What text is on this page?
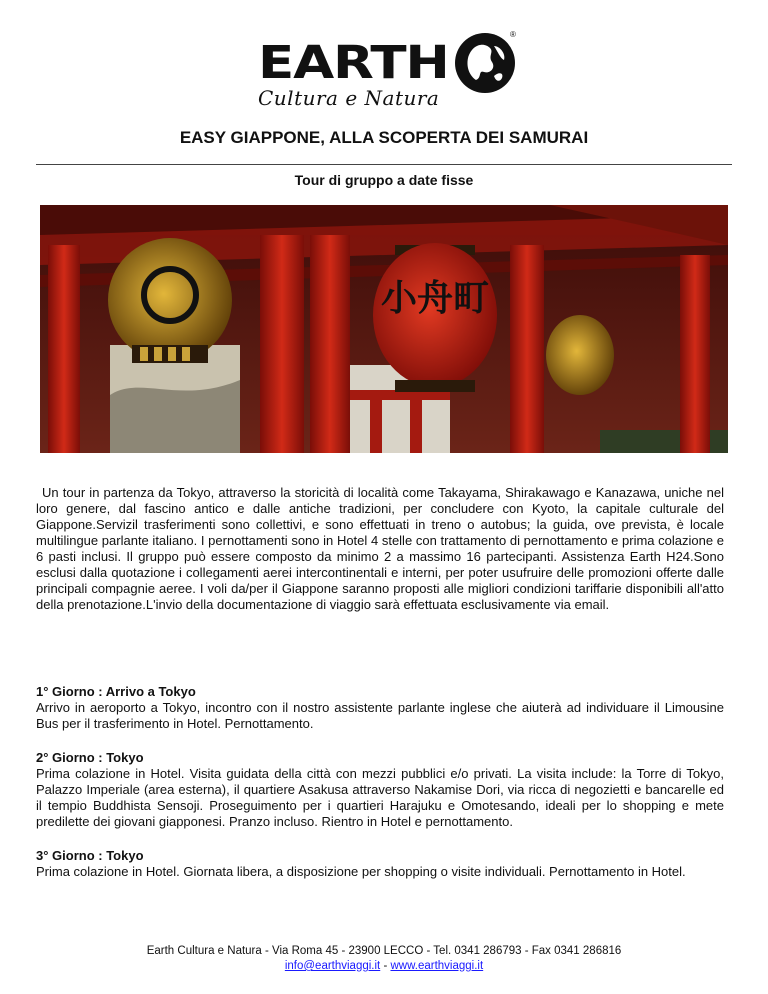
EARTH
®
Cultura e Natura
EASY GIAPPONE, ALLA SCOPERTA DEI SAMURAI
Tour di gruppo a date fisse
小舟町

Un tour in partenza da Tokyo, attraverso la storicità di località come Takayama, Shirakawago e Kanazawa, uniche nel loro genere, dal fascino antico e dalle antiche tradizioni, per concludere con Kyoto, la capitale culturale del Giappone.Servizil trasferimenti sono collettivi, e sono effettuati in treno o autobus; la guida, ove prevista, è locale multilingue parlante italiano. I pernottamenti sono in Hotel 4 stelle con trattamento di pernottamento e prima colazione e 6 pasti inclusi. Il gruppo può essere composto da minimo 2 a massimo 16 partecipanti. Assistenza Earth H24.Sono esclusi dalla quotazione i collegamenti aerei intercontinentali e interni, per poter usufruire delle promozioni offerte dalle principali compagnie aeree. I voli da/per il Giappone saranno proposti alle migliori condizioni tariffarie disponibili all'atto della prenotazione.L'invio della documentazione di viaggio sarà effettuata esclusivamente via email.

1° Giorno : Arrivo a Tokyo

Arrivo in aeroporto a Tokyo, incontro con il nostro assistente parlante inglese che aiuterà ad individuare il Limousine Bus per il trasferimento in Hotel. Pernottamento.

2° Giorno : Tokyo

Prima colazione in Hotel. Visita guidata della città con mezzi pubblici e/o privati. La visita include: la Torre di Tokyo, Palazzo Imperiale (area esterna), il quartiere Asakusa attraverso Nakamise Dori, via ricca di negozietti e bancarelle ed il tempio Buddhista Sensoji. Proseguimento per i quartieri Harajuku e Omotesando, ideali per lo shopping e mete predilette dei giovani giapponesi. Pranzo incluso. Rientro in Hotel e pernottamento.

3° Giorno : Tokyo

Prima colazione in Hotel. Giornata libera, a disposizione per shopping o visite individuali. Pernottamento in Hotel.

Earth Cultura e Natura - Via Roma 45 - 23900 LECCO - Tel. 0341 286793 - Fax 0341 286816
info@earthviaggi.it - www.earthviaggi.it
